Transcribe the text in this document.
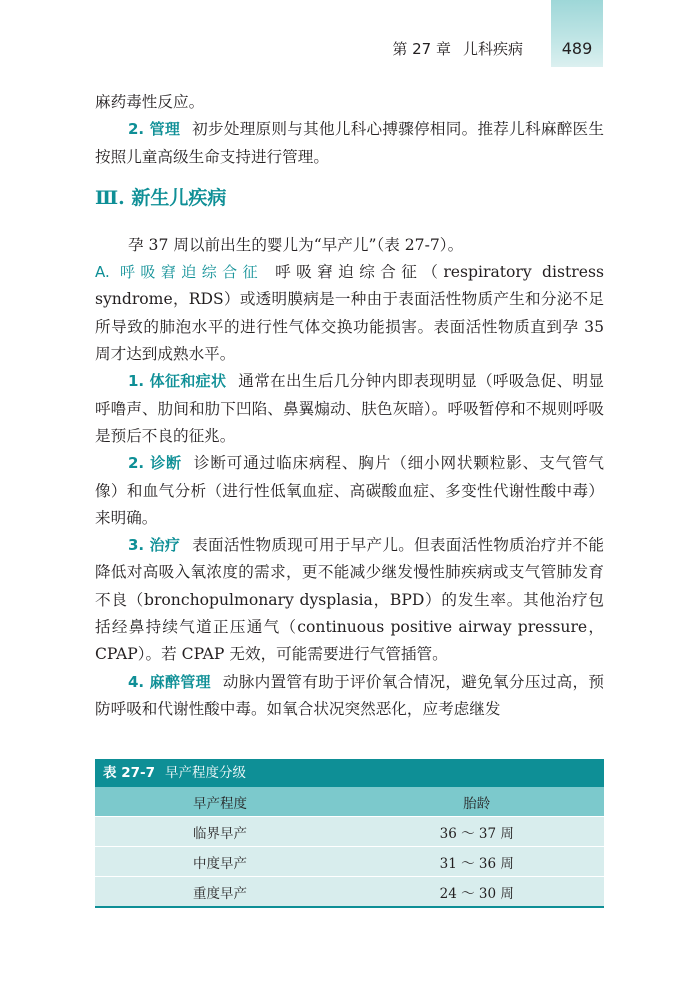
第 27 章 儿科疾病	489

麻药毒性反应。

2. 管理 初步处理原则与其他儿科心搏骤停相同。推荐儿科麻醉医生按照儿童高级生命支持进行管理。

Ⅲ. 新生儿疾病

孕 37 周以前出生的婴儿为“早产儿”（表 27-7）。

A. 呼吸窘迫综合征 呼吸窘迫综合征（respiratory distress syndrome，RDS）或透明膜病是一种由于表面活性物质产生和分泌不足所导致的肺泡水平的进行性气体交换功能损害。表面活性物质直到孕 35 周才达到成熟水平。

1. 体征和症状 通常在出生后几分钟内即表现明显（呼吸急促、明显呼噜声、肋间和肋下凹陷、鼻翼煽动、肤色灰暗）。呼吸暂停和不规则呼吸是预后不良的征兆。

2. 诊断 诊断可通过临床病程、胸片（细小网状颗粒影、支气管气像）和血气分析（进行性低氧血症、高碳酸血症、多变性代谢性酸中毒）来明确。

3. 治疗 表面活性物质现可用于早产儿。但表面活性物质治疗并不能降低对高吸入氧浓度的需求，更不能减少继发慢性肺疾病或支气管肺发育不良（bronchopulmonary dysplasia，BPD）的发生率。其他治疗包括经鼻持续气道正压通气（continuous positive airway pressure，CPAP）。若 CPAP 无效，可能需要进行气管插管。

4. 麻醉管理 动脉内置管有助于评价氧合情况，避免氧分压过高，预防呼吸和代谢性酸中毒。如氧合状况突然恶化，应考虑继发

表 27-7 早产程度分级
早产程度	胎龄
临界早产	36 ～ 37 周
中度早产	31 ～ 36 周
重度早产	24 ～ 30 周
